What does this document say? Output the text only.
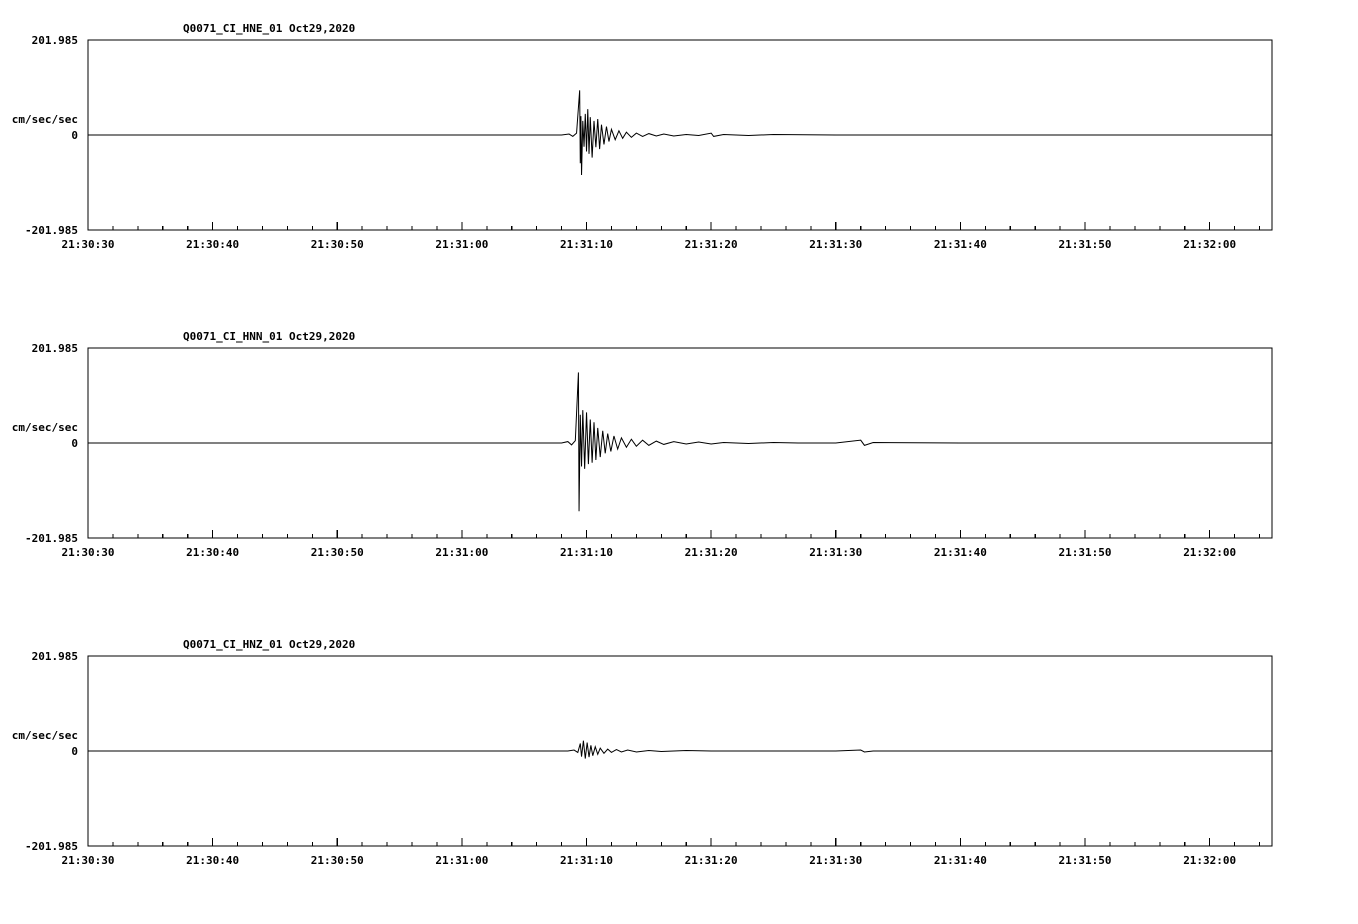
Q0071_CI_HNE_01 Oct29,2020
cm/sec/sec
201.985
0
-201.985
21:30:30	21:30:40	21:30:50	21:31:00	21:31:10	21:31:20	21:31:30	21:31:40	21:31:50	21:32:00
Q0071_CI_HNN_01 Oct29,2020
cm/sec/sec
201.985
0
-201.985
21:30:30	21:30:40	21:30:50	21:31:00	21:31:10	21:31:20	21:31:30	21:31:40	21:31:50	21:32:00
Q0071_CI_HNZ_01 Oct29,2020
cm/sec/sec
201.985
0
-201.985
21:30:30	21:30:40	21:30:50	21:31:00	21:31:10	21:31:20	21:31:30	21:31:40	21:31:50	21:32:00
